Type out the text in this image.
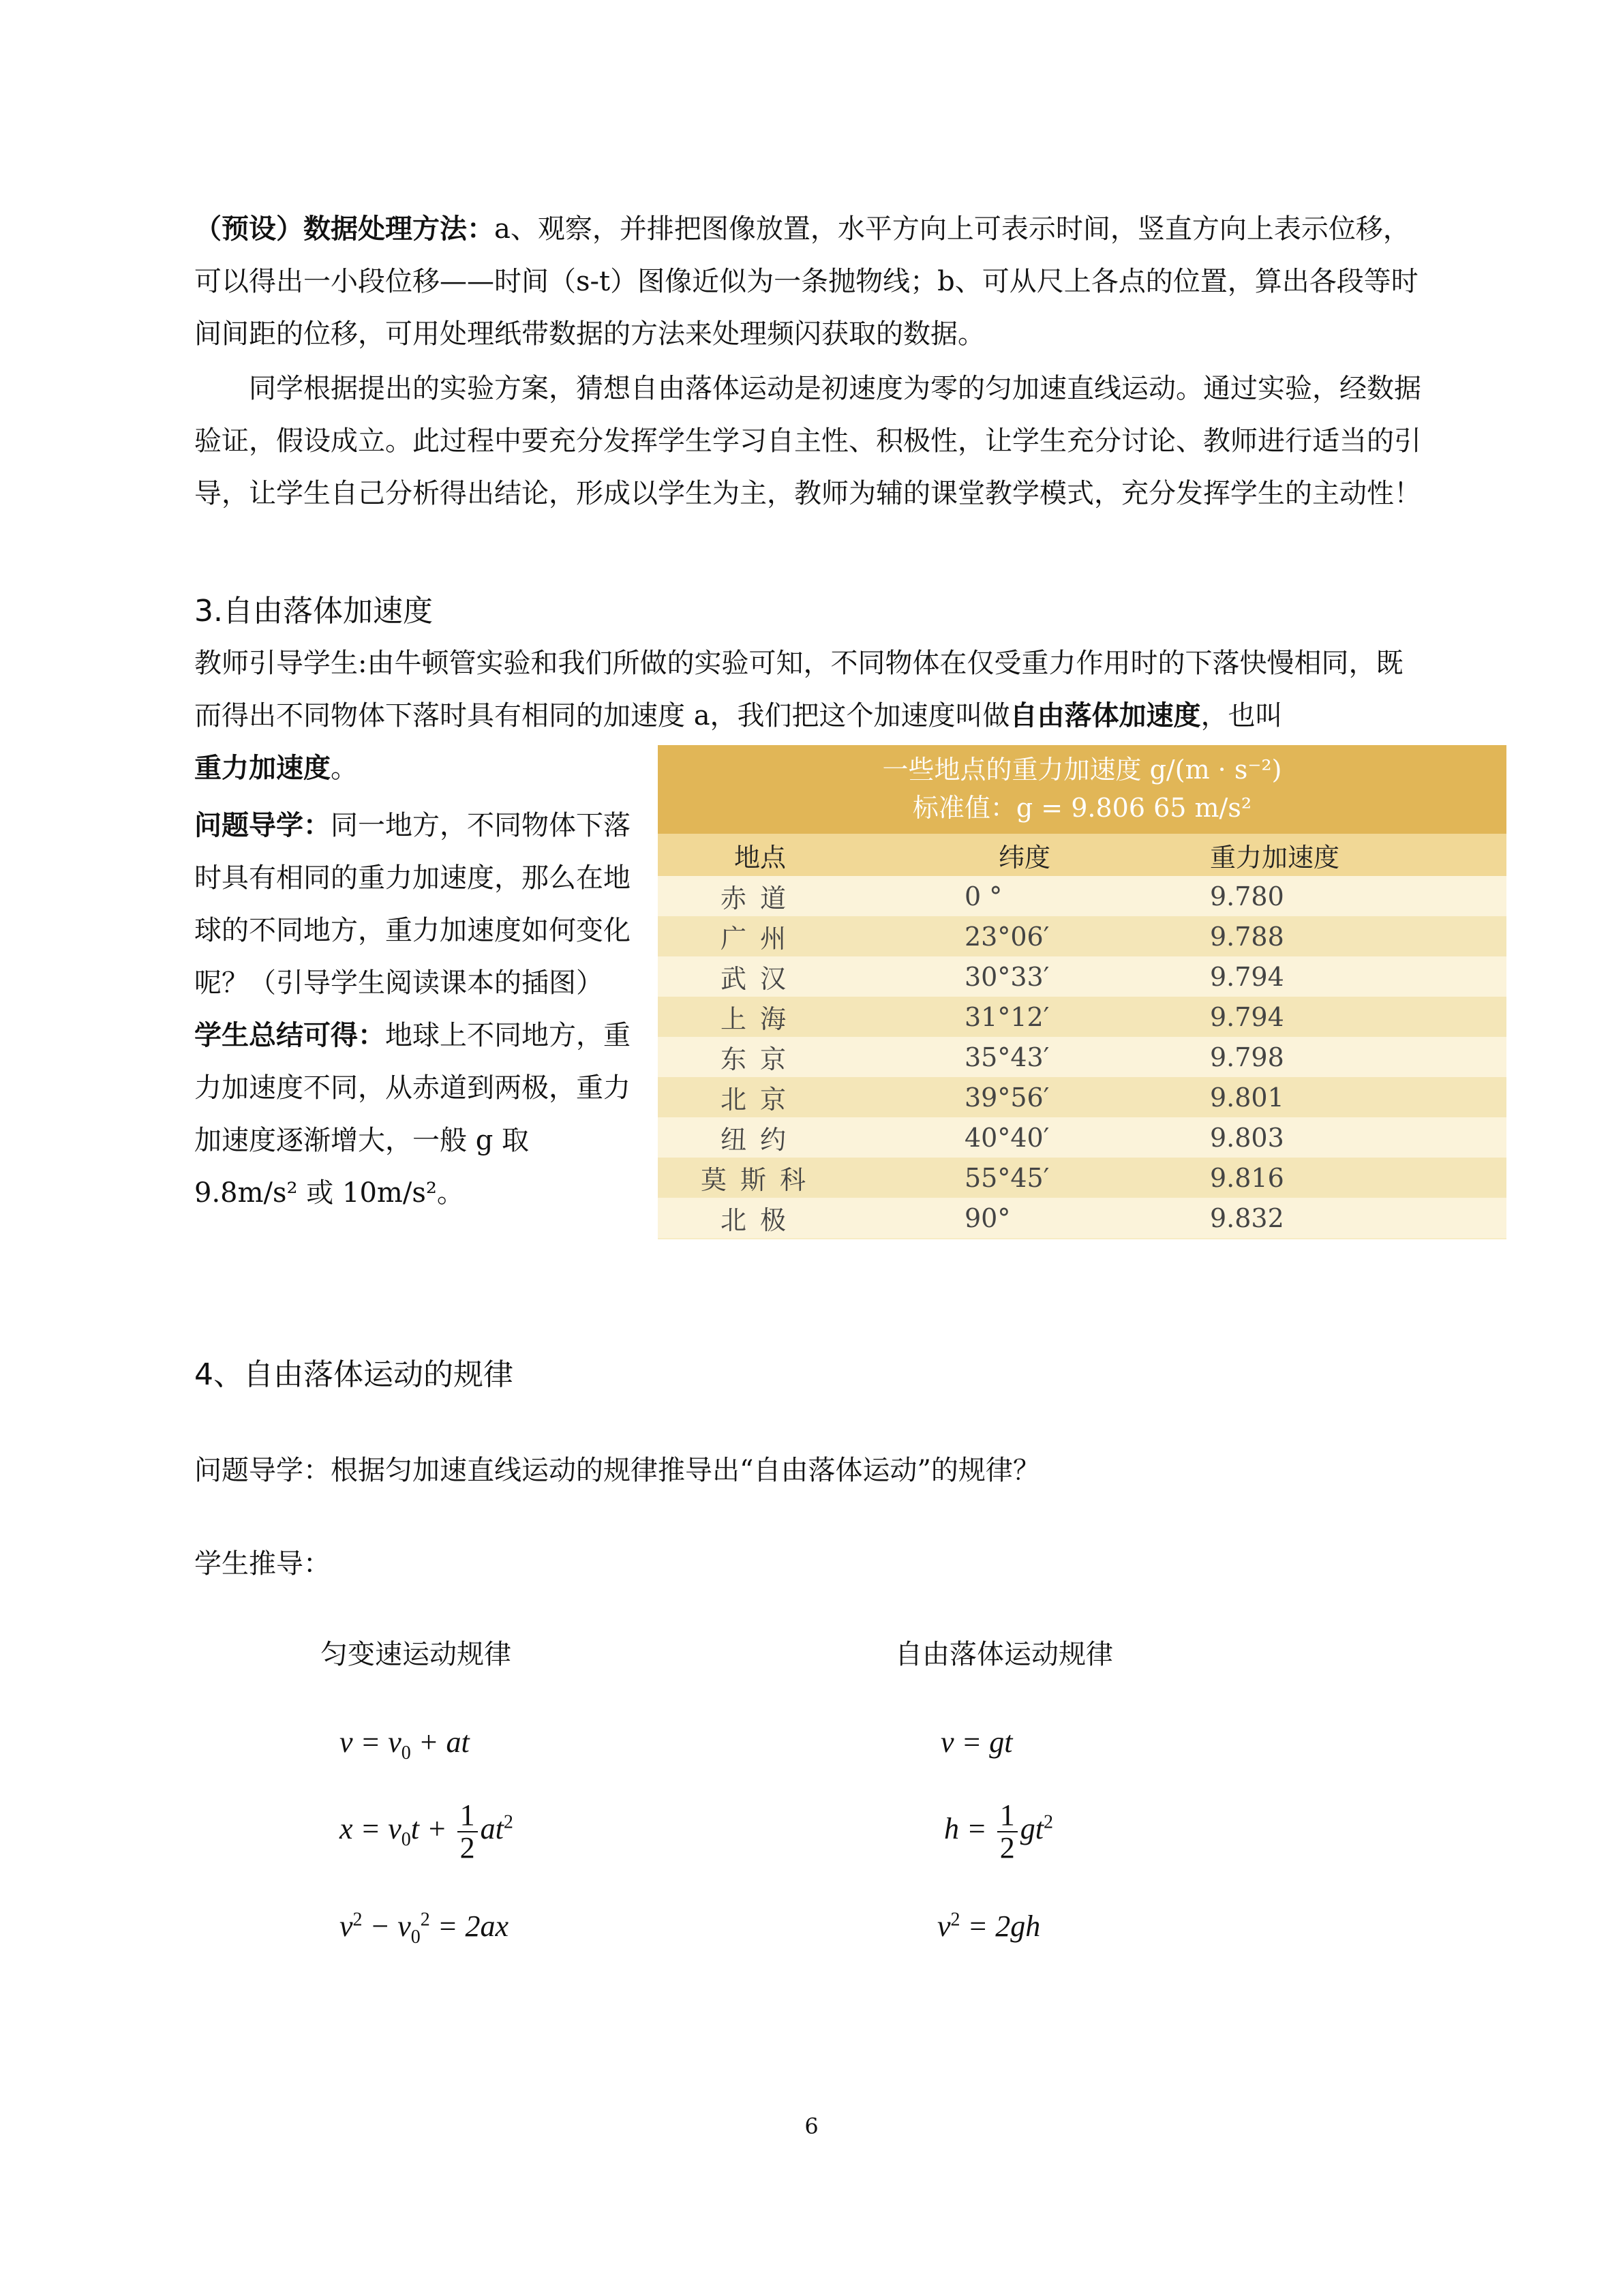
（预设）数据处理方法：a、观察，并排把图像放置，水平方向上可表示时间，竖直方向上表示位移，可以得出一小段位移——时间（s-t）图像近似为一条抛物线；b、可从尺上各点的位置，算出各段等时间间距的位移，可用处理纸带数据的方法来处理频闪获取的数据。

同学根据提出的实验方案，猜想自由落体运动是初速度为零的匀加速直线运动。通过实验，经数据验证，假设成立。此过程中要充分发挥学生学习自主性、积极性，让学生充分讨论、教师进行适当的引导，让学生自己分析得出结论，形成以学生为主，教师为辅的课堂教学模式，充分发挥学生的主动性！

3.自由落体加速度

教师引导学生:由牛顿管实验和我们所做的实验可知，不同物体在仅受重力作用时的下落快慢相同，既而得出不同物体下落时具有相同的加速度 a，我们把这个加速度叫做自由落体加速度，也叫
重力加速度。

问题导学：同一地方，不同物体下落时具有相同的重力加速度，那么在地球的不同地方，重力加速度如何变化呢？（引导学生阅读课本的插图）

学生总结可得：地球上不同地方，重力加速度不同，从赤道到两极，重力加速度逐渐增大，一般 g 取 9.8m/s² 或 10m/s²。

一些地点的重力加速度 g/(m · s⁻²)
标准值：g = 9.806 65 m/s²
地点	纬度	重力加速度
赤道	0 °	9.780
广州	23°06′	9.788
武汉	30°33′	9.794
上海	31°12′	9.794
东京	35°43′	9.798
北京	39°56′	9.801
纽约	40°40′	9.803
莫斯科	55°45′	9.816
北极	90°	9.832
4、自由落体运动的规律

问题导学：根据匀加速直线运动的规律推导出“自由落体运动”的规律？

学生推导：

匀变速运动规律	自由落体运动规律

$v = v_0$ + at
$x = v_0t + \frac{1}{2} at^2$
$v^2 - v_0^2 = 2ax$
v = gt
$h = \frac{1}{2} gt^2$
$v^2 = 2gh$
6
